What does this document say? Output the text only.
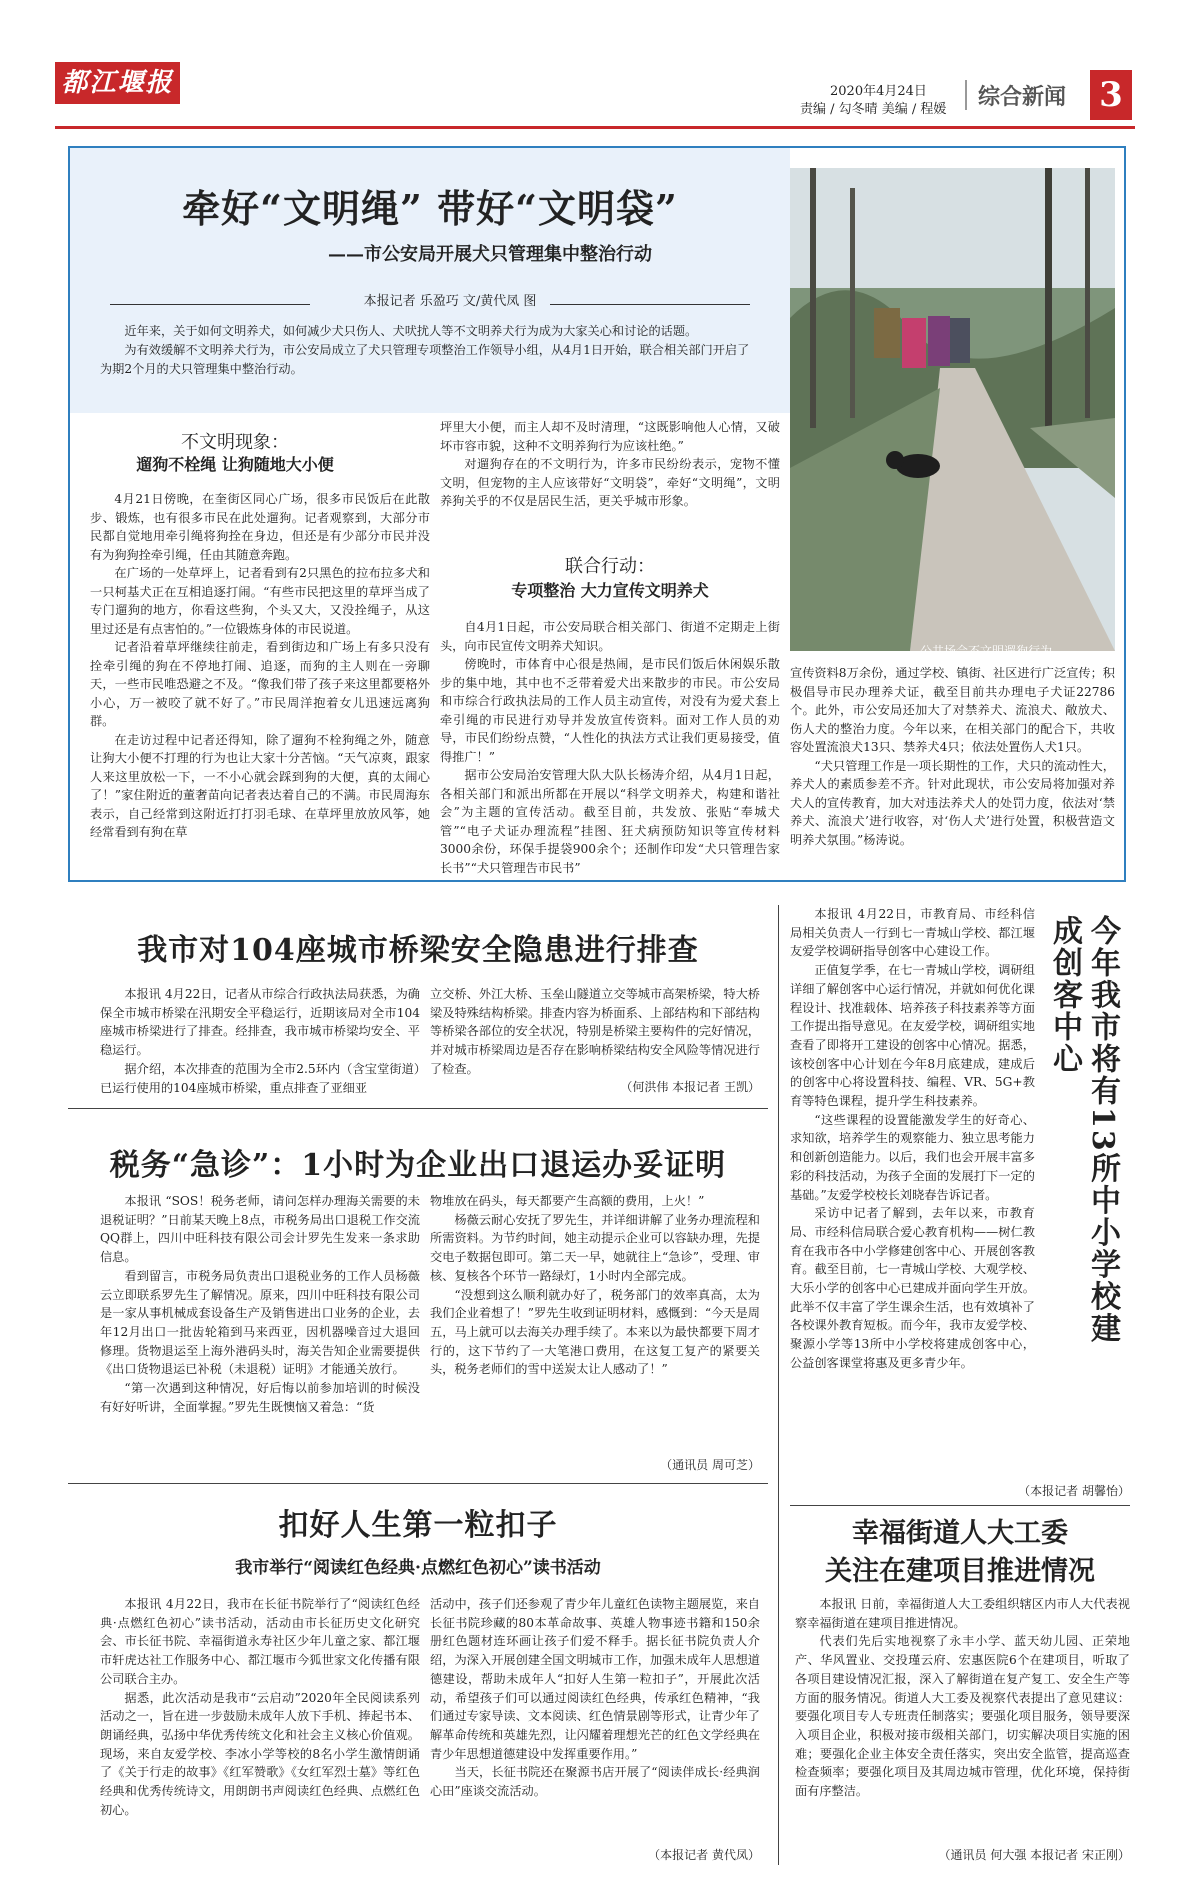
都江堰报	2020年4月24日
责编 / 勾冬晴 美编 / 程媛 综合新闻 3
牵好“文明绳” 带好“文明袋”
——市公安局开展犬只管理集中整治行动
本报记者 乐盈巧 文/黄代凤 图

近年来，关于如何文明养犬，如何减少犬只伤人、犬吠扰人等不文明养犬行为成为大家关心和讨论的话题。

为有效缓解不文明养犬行为，市公安局成立了犬只管理专项整治工作领导小组，从4月1日开始，联合相关部门开启了为期2个月的犬只管理集中整治行动。

公共场合不文明遛狗行为。
不文明现象：
遛狗不栓绳 让狗随地大小便

4月21日傍晚，在奎街区同心广场，很多市民饭后在此散步、锻炼，也有很多市民在此处遛狗。记者观察到，大部分市民都自觉地用牵引绳将狗拴在身边，但还是有少部分市民并没有为狗狗拴牵引绳，任由其随意奔跑。

在广场的一处草坪上，记者看到有2只黑色的拉布拉多犬和一只柯基犬正在互相追逐打闹。“有些市民把这里的草坪当成了专门遛狗的地方，你看这些狗，个头又大，又没拴绳子，从这里过还是有点害怕的。”一位锻炼身体的市民说道。

记者沿着草坪继续往前走，看到街边和广场上有多只没有拴牵引绳的狗在不停地打闹、追逐，而狗的主人则在一旁聊天，一些市民唯恐避之不及。“像我们带了孩子来这里都要格外小心，万一被咬了就不好了。”市民周洋抱着女儿迅速远离狗群。

在走访过程中记者还得知，除了遛狗不栓狗绳之外，随意让狗大小便不打理的行为也让大家十分苦恼。“天气凉爽，跟家人来这里放松一下，一不小心就会踩到狗的大便，真的太闹心了！”家住附近的董奢苗向记者表达着自己的不满。市民周海东表示，自己经常到这附近打打羽毛球、在草坪里放放风筝，她经常看到有狗在草

坪里大小便，而主人却不及时清理，“这既影响他人心情，又破坏市容市貌，这种不文明养狗行为应该杜绝。”

对遛狗存在的不文明行为，许多市民纷纷表示，宠物不懂文明，但宠物的主人应该带好“文明袋”，牵好“文明绳”，文明养狗关乎的不仅是居民生活，更关乎城市形象。

联合行动：
专项整治 大力宣传文明养犬

自4月1日起，市公安局联合相关部门、街道不定期走上街头，向市民宣传文明养犬知识。

傍晚时，市体育中心很是热闹，是市民们饭后休闲娱乐散步的集中地，其中也不乏带着爱犬出来散步的市民。市公安局和市综合行政执法局的工作人员主动宣传，对没有为爱犬套上牵引绳的市民进行劝导并发放宣传资料。面对工作人员的劝导，市民们纷纷点赞，“人性化的执法方式让我们更易接受，值得推广！”

据市公安局治安管理大队大队长杨涛介绍，从4月1日起，各相关部门和派出所都在开展以“科学文明养犬，构建和谐社会”为主题的宣传活动。截至目前，共发放、张贴“奉城犬管”“电子犬证办理流程”挂图、狂犬病预防知识等宣传材料3000余份，环保手提袋900余个；还制作印发“犬只管理告家长书”“犬只管理告市民书”

宣传资料8万余份，通过学校、镇街、社区进行广泛宣传；积极倡导市民办理养犬证，截至目前共办理电子犬证22786个。此外，市公安局还加大了对禁养犬、流浪犬、敞放犬、伤人犬的整治力度。今年以来，在相关部门的配合下，共收容处置流浪犬13只、禁养犬4只；依法处置伤人犬1只。

“犬只管理工作是一项长期性的工作，犬只的流动性大，养犬人的素质参差不齐。针对此现状，市公安局将加强对养犬人的宣传教育，加大对违法养犬人的处罚力度，依法对‘禁养犬、流浪犬’进行收容，对‘伤人犬’进行处置，积极营造文明养犬氛围。”杨涛说。

我市对104座城市桥梁安全隐患进行排查

本报讯 4月22日，记者从市综合行政执法局获悉，为确保全市城市桥梁在汛期安全平稳运行，近期该局对全市104座城市桥梁进行了排查。经排查，我市城市桥梁均安全、平稳运行。

据介绍，本次排查的范围为全市2.5环内（含宝堂街道）已运行使用的104座城市桥梁，重点排查了亚细亚

立交桥、外江大桥、玉垒山隧道立交等城市高架桥梁，特大桥梁及特殊结构桥梁。排查内容为桥面系、上部结构和下部结构等桥梁各部位的安全状况，特别是桥梁主要构件的完好情况，并对城市桥梁周边是否存在影响桥梁结构安全风险等情况进行了检查。

（何洪伟 本报记者 王凯）
税务“急诊”：1小时为企业出口退运办妥证明

本报讯 “SOS！税务老师，请问怎样办理海关需要的未退税证明？”日前某天晚上8点，市税务局出口退税工作交流QQ群上，四川中旺科技有限公司会计罗先生发来一条求助信息。

看到留言，市税务局负责出口退税业务的工作人员杨薇云立即联系罗先生了解情况。原来，四川中旺科技有限公司是一家从事机械成套设备生产及销售进出口业务的企业，去年12月出口一批齿轮箱到马来西亚，因机器噪音过大退回修理。货物退运至上海外港码头时，海关告知企业需要提供《出口货物退运已补税（未退税）证明》才能通关放行。

“第一次遇到这种情况，好后悔以前参加培训的时候没有好好听讲，全面掌握。”罗先生既懊恼又着急：“货

物堆放在码头，每天都要产生高额的费用，上火！”

杨薇云耐心安抚了罗先生，并详细讲解了业务办理流程和所需资料。为节约时间，她主动提示企业可以容缺办理，先提交电子数据包即可。第二天一早，她就往上“急诊”，受理、审核、复核各个环节一路绿灯，1小时内全部完成。

“没想到这么顺利就办好了，税务部门的效率真高，太为我们企业着想了！”罗先生收到证明材料，感慨到：“今天是周五，马上就可以去海关办理手续了。本来以为最快都要下周才行的，这下节约了一大笔港口费用，在这复工复产的紧要关头，税务老师们的雪中送炭太让人感动了！”

（通讯员 周可芝）
扣好人生第一粒扣子
我市举行“阅读红色经典·点燃红色初心”读书活动

本报讯 4月22日，我市在长征书院举行了“阅读红色经典·点燃红色初心”读书活动，活动由市长征历史文化研究会、市长征书院、幸福街道永寿社区少年儿童之家、都江堰市轩虎达社工作服务中心、都江堰市今狐世家文化传播有限公司联合主办。

据悉，此次活动是我市“云启动”2020年全民阅读系列活动之一，旨在进一步鼓励未成年人放下手机、捧起书本、朗诵经典，弘扬中华优秀传统文化和社会主义核心价值观。现场，来自友爱学校、李冰小学等校的8名小学生激情朗诵了《关于行走的故事》《红军赞歌》《女红军烈士墓》等红色经典和优秀传统诗文，用朗朗书声阅读红色经典、点燃红色初心。

活动中，孩子们还参观了青少年儿童红色读物主题展览，来自长征书院珍藏的80本革命故事、英雄人物事迹书籍和150余册红色题材连环画让孩子们爱不释手。据长征书院负责人介绍，为深入开展创建全国文明城市工作，加强未成年人思想道德建设，帮助未成年人“扣好人生第一粒扣子”，开展此次活动，希望孩子们可以通过阅读红色经典，传承红色精神，“我们通过专家导读、文本阅读、红色情景剧等形式，让青少年了解革命传统和英雄先烈，让闪耀着理想光芒的红色文学经典在青少年思想道德建设中发挥重要作用。”

当天，长征书院还在聚源书店开展了“阅读伴成长·经典润心田”座谈交流活动。

（本报记者 黄代凤）
今年我市将有13所中小学校建成创客中心

本报讯 4月22日，市教育局、市经科信局相关负责人一行到七一青城山学校、都江堰友爱学校调研指导创客中心建设工作。

正值复学季，在七一青城山学校，调研组详细了解创客中心运行情况，并就如何优化课程设计、找准载体、培养孩子科技素养等方面工作提出指导意见。在友爱学校，调研组实地查看了即将开工建设的创客中心情况。据悉，该校创客中心计划在今年8月底建成，建成后的创客中心将设置科技、编程、VR、5G+教育等特色课程，提升学生科技素养。

“这些课程的设置能激发学生的好奇心、求知欲，培养学生的观察能力、独立思考能力和创新创造能力。以后，我们也会开展丰富多彩的科技活动，为孩子全面的发展打下一定的基础。”友爱学校校长刘晓春告诉记者。

采访中记者了解到，去年以来，市教育局、市经科信局联合爱心教育机构——树仁教育在我市各中小学修建创客中心、开展创客教育。截至目前，七一青城山学校、大观学校、大乐小学的创客中心已建成并面向学生开放。此举不仅丰富了学生课余生活，也有效填补了各校课外教育短板。而今年，我市友爱学校、聚源小学等13所中小学校将建成创客中心，公益创客课堂将惠及更多青少年。

（本报记者 胡馨怡）
幸福街道人大工委
关注在建项目推进情况

本报讯 日前，幸福街道人大工委组织辖区内市人大代表视察幸福街道在建项目推进情况。

代表们先后实地视察了永丰小学、蓝天幼儿园、正荣地产、华风置业、交投瑾云府、宏惠医院6个在建项目，听取了各项目建设情况汇报，深入了解街道在复产复工、安全生产等方面的服务情况。街道人大工委及视察代表提出了意见建议：要强化项目专人专班责任制落实；要强化项目服务，领导要深入项目企业，积极对接市级相关部门，切实解决项目实施的困难；要强化企业主体安全责任落实，突出安全监管，提高巡查检查频率；要强化项目及其周边城市管理，优化环境，保持街面有序整洁。

（通讯员 何大强 本报记者 宋正刚）
